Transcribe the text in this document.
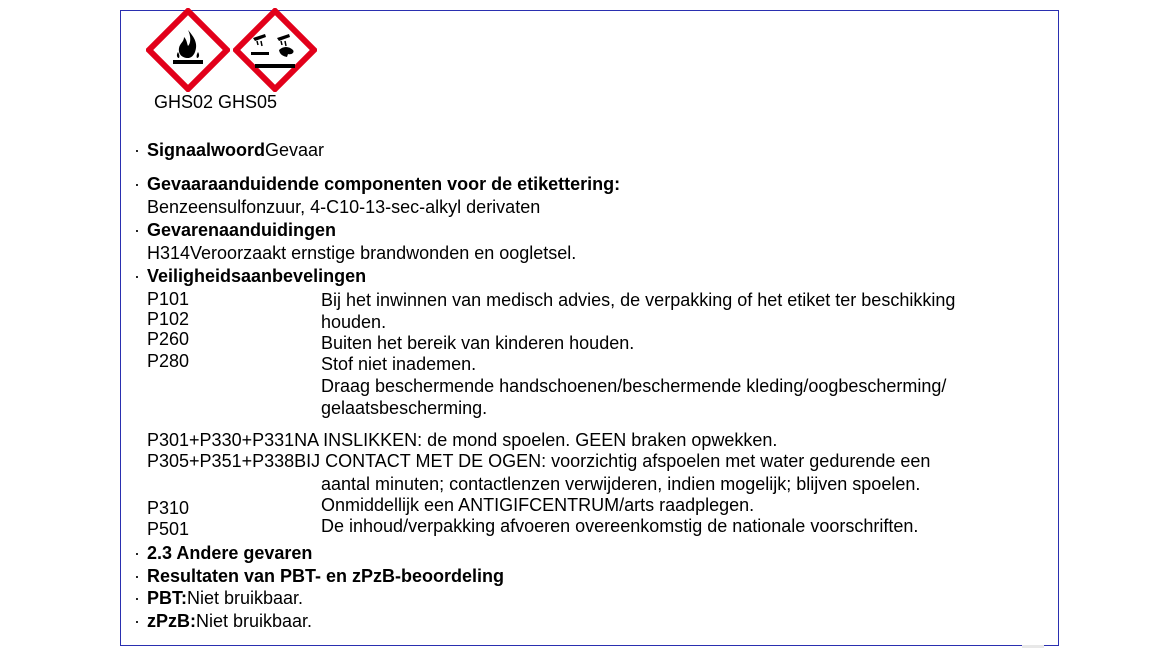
GHS02 GHS05
· SignaalwoordGevaar
· Gevaaraanduidende componenten voor de etikettering:
Benzeensulfonzuur, 4-C10-13-sec-alkyl derivaten
· Gevarenaanduidingen
H314Veroorzaakt ernstige brandwonden en oogletsel.
· Veiligheidsaanbevelingen
P101
P102
P260
P280
Bij het inwinnen van medisch advies, de verpakking of het etiket ter beschikking
houden.
Buiten het bereik van kinderen houden.
Stof niet inademen.
Draag beschermende handschoenen/beschermende kleding/oogbescherming/
gelaatsbescherming.
P301+P330+P331NA INSLIKKEN: de mond spoelen. GEEN braken opwekken.
P305+P351+P338BIJ CONTACT MET DE OGEN: voorzichtig afspoelen met water gedurende een
aantal minuten; contactlenzen verwijderen, indien mogelijk; blijven spoelen.
P310	Onmiddellijk een ANTIGIFCENTRUM/arts raadplegen.
P501	De inhoud/verpakking afvoeren overeenkomstig de nationale voorschriften.
· 2.3 Andere gevaren
· Resultaten van PBT- en zPzB-beoordeling
· PBT:Niet bruikbaar.
· zPzB:Niet bruikbaar.
